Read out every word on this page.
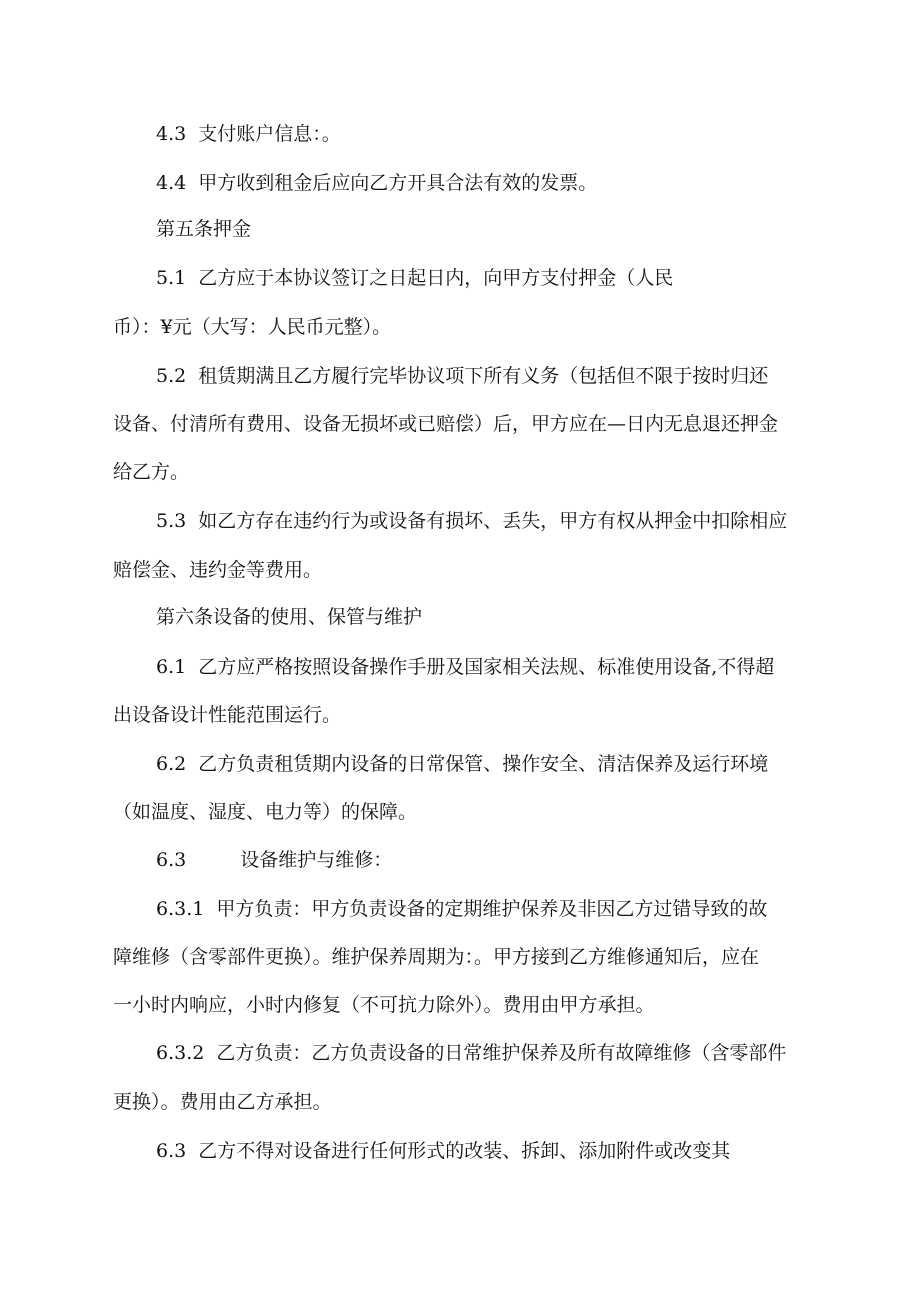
4.3 支付账户信息：。
4.4 甲方收到租金后应向乙方开具合法有效的发票。
第五条押金
5.1 乙方应于本协议签订之日起日内，向甲方支付押金（人民
币）：¥元（大写：人民币元整）。
5.2 租赁期满且乙方履行完毕协议项下所有义务（包括但不限于按时归还
设备、付清所有费用、设备无损坏或已赔偿）后，甲方应在—日内无息退还押金
给乙方。
5.3 如乙方存在违约行为或设备有损坏、丢失，甲方有权从押金中扣除相应
赔偿金、违约金等费用。
第六条设备的使用、保管与维护
6.1 乙方应严格按照设备操作手册及国家相关法规、标准使用设备,不得超
出设备设计性能范围运行。
6.2 乙方负责租赁期内设备的日常保管、操作安全、清洁保养及运行环境
（如温度、湿度、电力等）的保障。
6.3	设备维护与维修：
6.3.1 甲方负责：甲方负责设备的定期维护保养及非因乙方过错导致的故
障维修（含零部件更换）。维护保养周期为：。甲方接到乙方维修通知后，应在
一小时内响应，小时内修复（不可抗力除外）。费用由甲方承担。
6.3.2 乙方负责：乙方负责设备的日常维护保养及所有故障维修（含零部件
更换）。费用由乙方承担。
6.3 乙方不得对设备进行任何形式的改装、拆卸、添加附件或改变其
